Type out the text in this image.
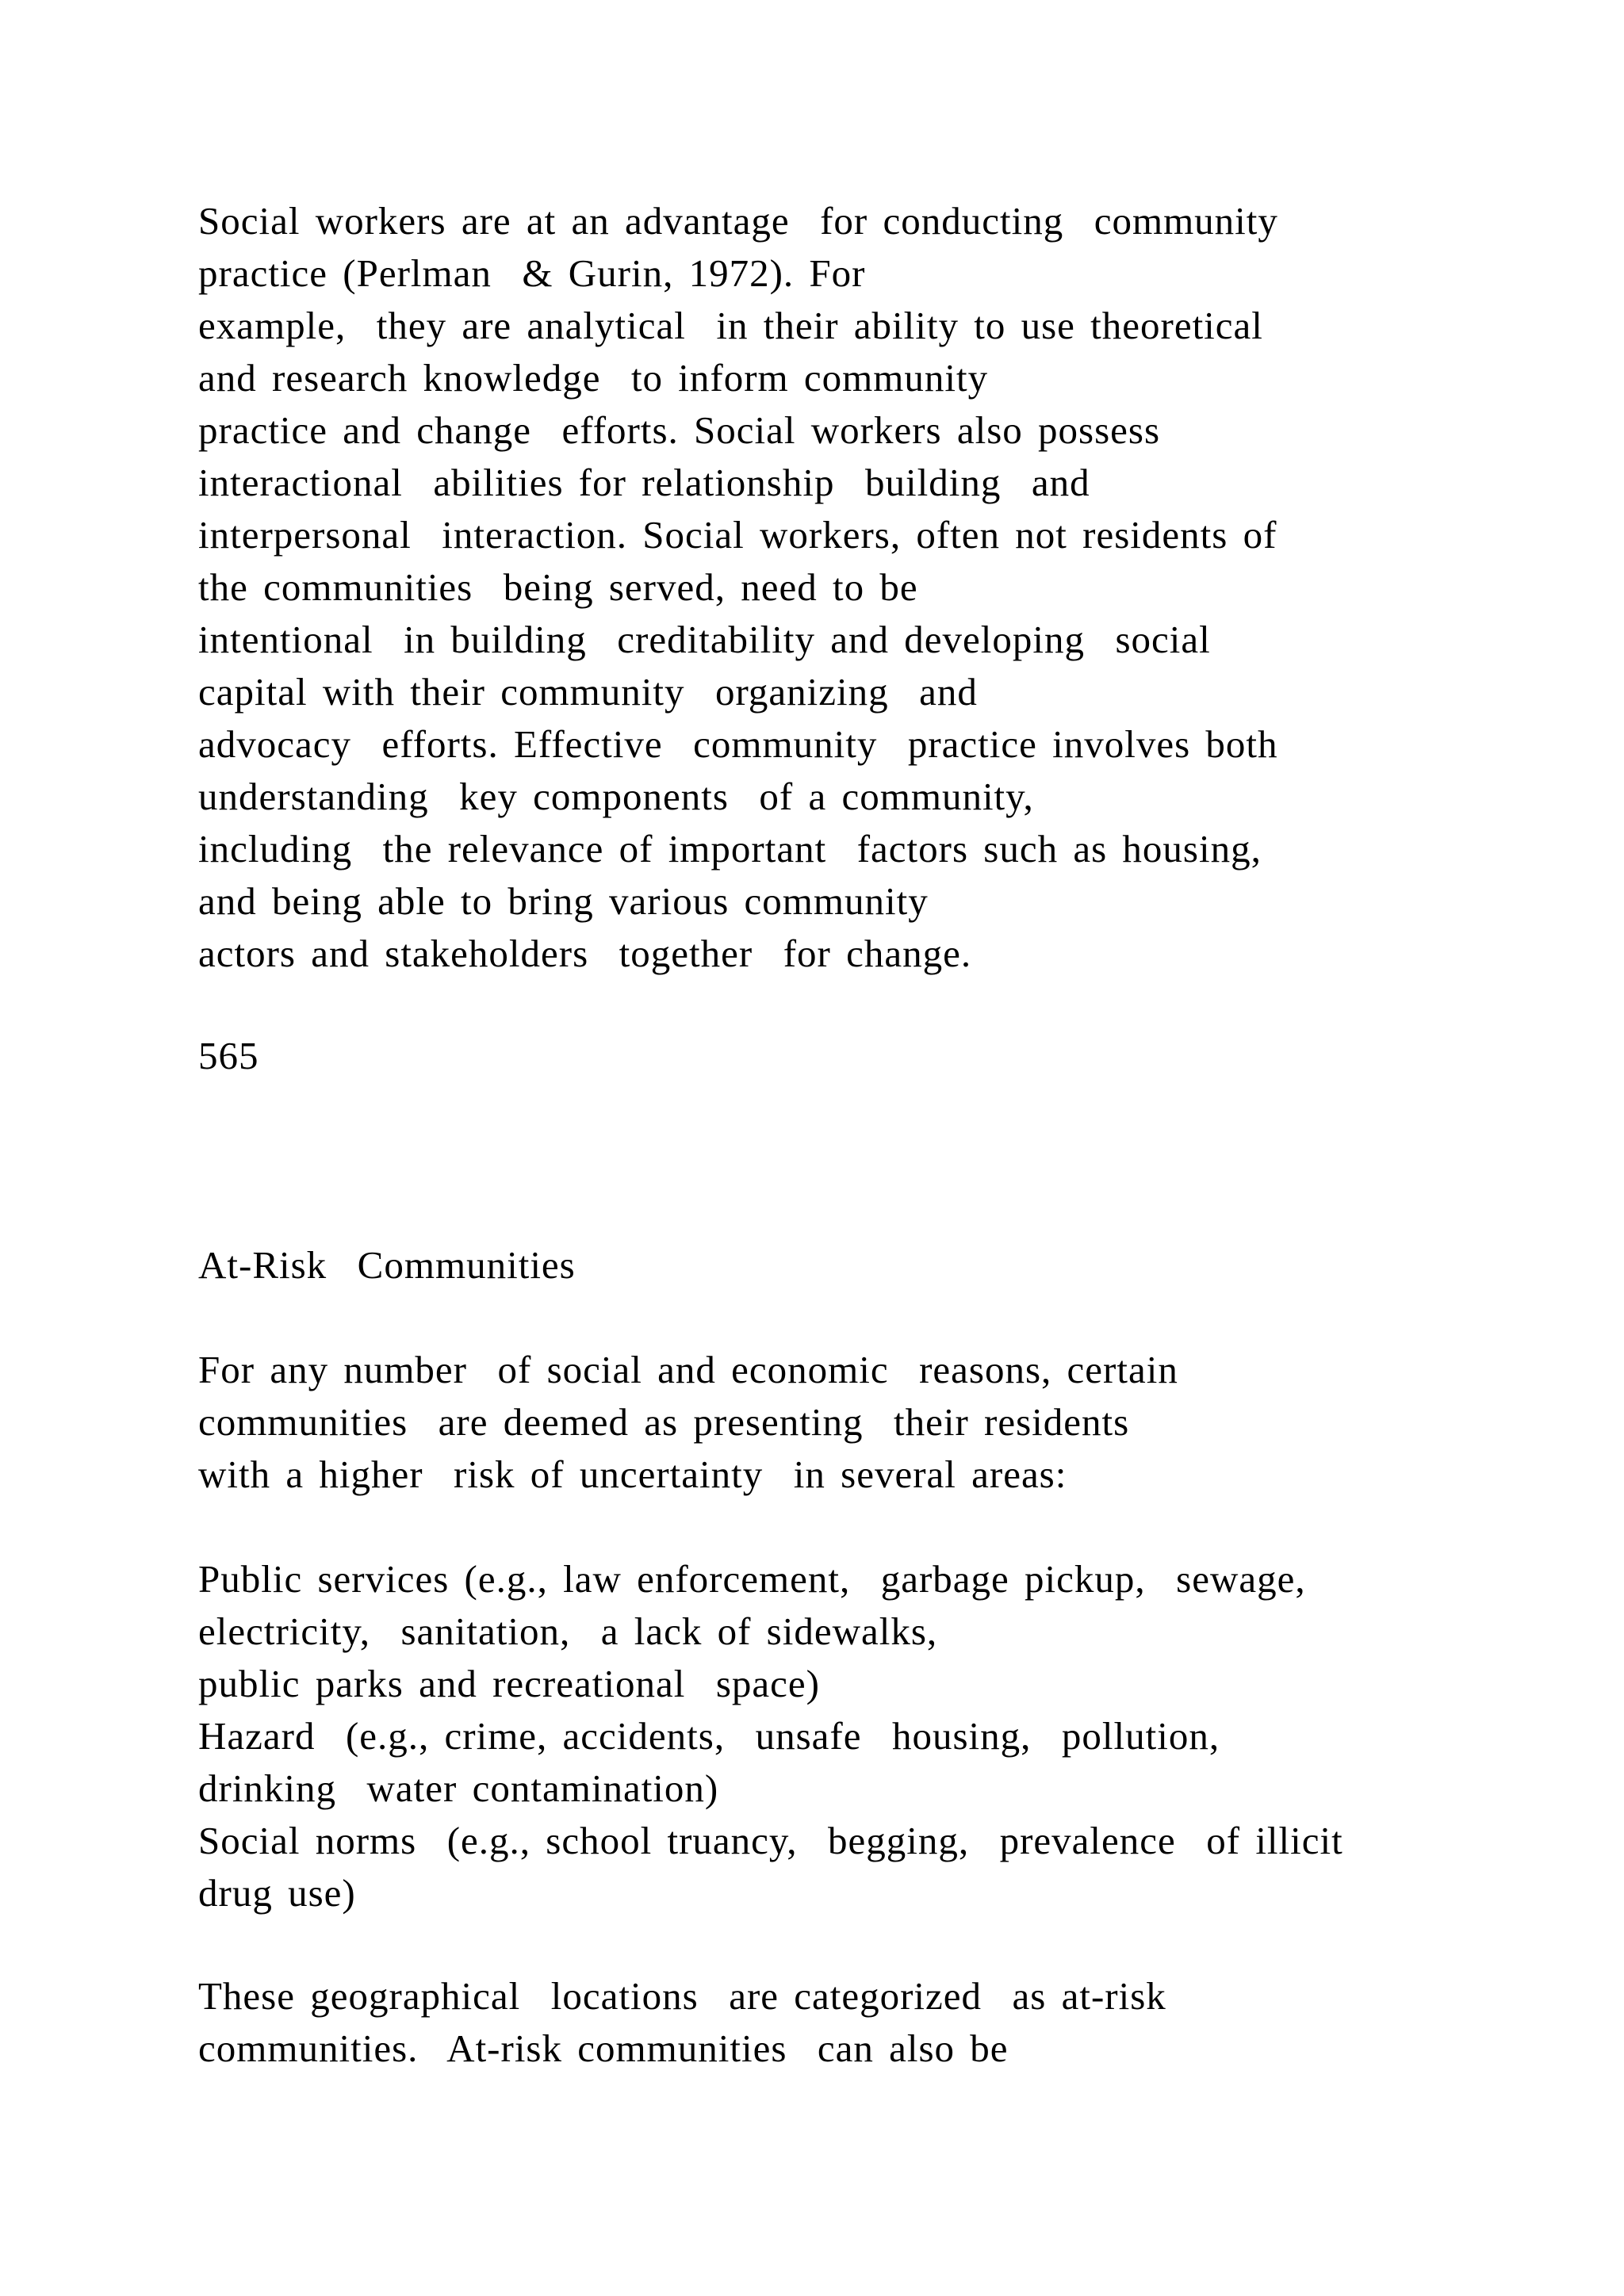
Social workers are at an advantage  for conducting  community
practice (Perlman  & Gurin, 1972). For
example,  they are analytical  in their ability to use theoretical
and research knowledge  to inform community
practice and change  efforts. Social workers also possess
interactional  abilities for relationship  building  and
interpersonal  interaction. Social workers, often not residents of
the communities  being served, need to be
intentional  in building  creditability and developing  social
capital with their community  organizing  and
advocacy  efforts. Effective  community  practice involves both
understanding  key components  of a community,
including  the relevance of important  factors such as housing,
and being able to bring various community
actors and stakeholders  together  for change.
565
At-Risk  Communities
For any number  of social and economic  reasons, certain
communities  are deemed as presenting  their residents
with a higher  risk of uncertainty  in several areas:
Public services (e.g., law enforcement,  garbage pickup,  sewage,
electricity,  sanitation,  a lack of sidewalks,
public parks and recreational  space)
Hazard  (e.g., crime, accidents,  unsafe  housing,  pollution,
drinking  water contamination)
Social norms  (e.g., school truancy,  begging,  prevalence  of illicit
drug use)
These geographical  locations  are categorized  as at-risk
communities.  At-risk communities  can also be
